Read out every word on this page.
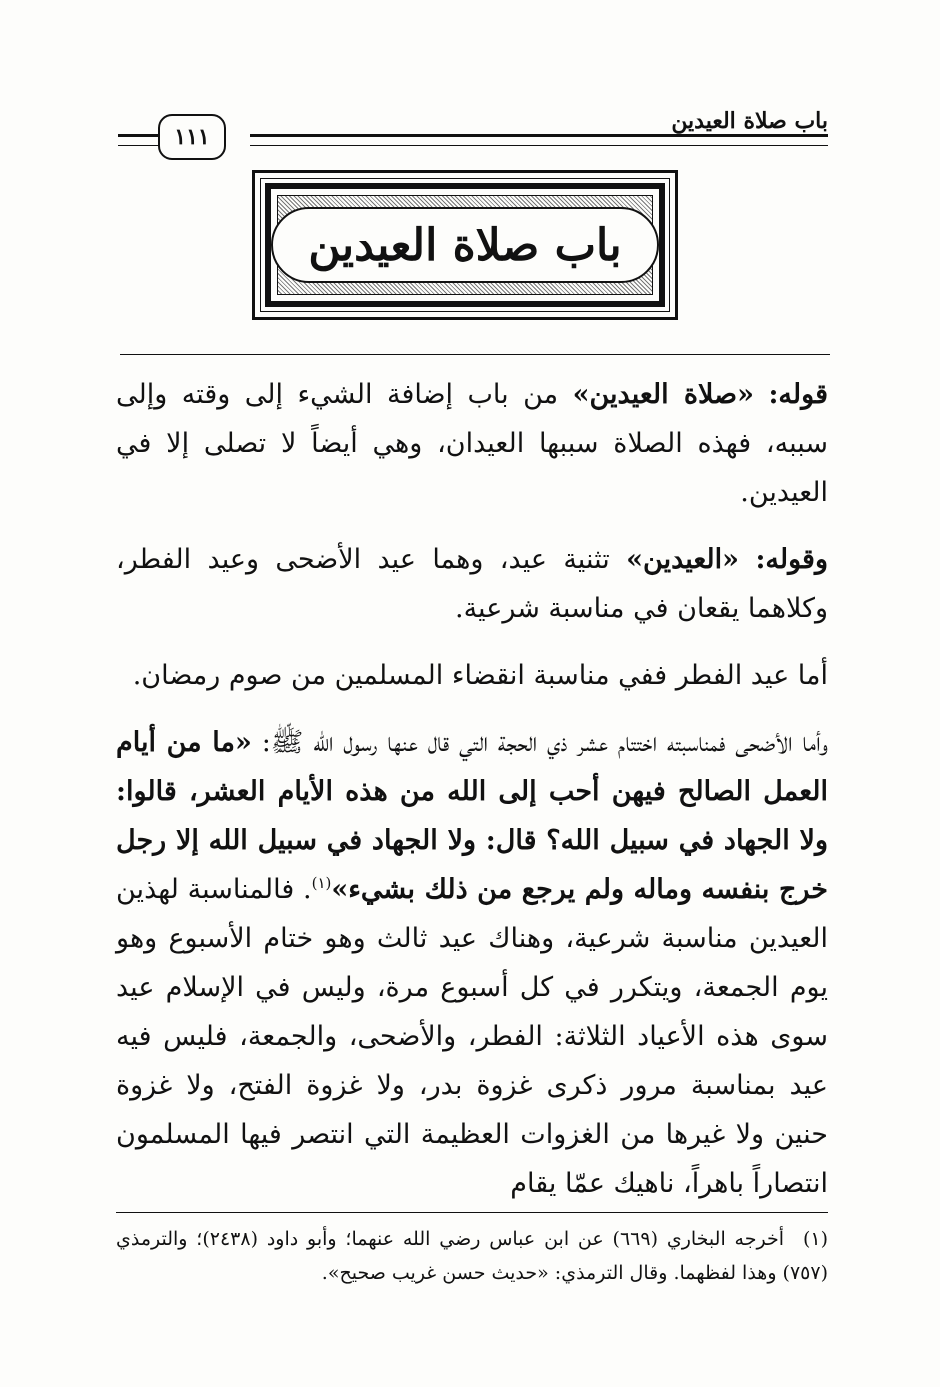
باب صلاة العيدين
١١١
باب صلاة العيدين

قوله: «صلاة العيدين» من باب إضافة الشيء إلى وقته وإلى سببه، فهذه الصلاة سببها العيدان، وهي أيضاً لا تصلى إلا في العيدين.

وقوله: «العيدين» تثنية عيد، وهما عيد الأضحى وعيد الفطر، وكلاهما يقعان في مناسبة شرعية.

أما عيد الفطر ففي مناسبة انقضاء المسلمين من صوم رمضان.

وأما الأضحى فمناسبته اختتام عشر ذي الحجة التي قال عنها رسول الله ﷺ: «ما من أيام العمل الصالح فيهن أحب إلى الله من هذه الأيام العشر، قالوا: ولا الجهاد في سبيل الله؟ قال: ولا الجهاد في سبيل الله إلا رجل خرج بنفسه وماله ولم يرجع من ذلك بشيء»$^{(١)}$. فالمناسبة لهذين العيدين مناسبة شرعية، وهناك عيد ثالث وهو ختام الأسبوع وهو يوم الجمعة، ويتكرر في كل أسبوع مرة، وليس في الإسلام عيد سوى هذه الأعياد الثلاثة: الفطر، والأضحى، والجمعة، فليس فيه عيد بمناسبة مرور ذكرى غزوة بدر، ولا غزوة الفتح، ولا غزوة حنين ولا غيرها من الغزوات العظيمة التي انتصر فيها المسلمون انتصاراً باهراً، ناهيك عمّا يقام

(١)أخرجه البخاري (٦٦٩) عن ابن عباس رضي الله عنهما؛ وأبو داود (٢٤٣٨)؛ والترمذي (٧٥٧) وهذا لفظهما. وقال الترمذي: «حديث حسن غريب صحيح».
